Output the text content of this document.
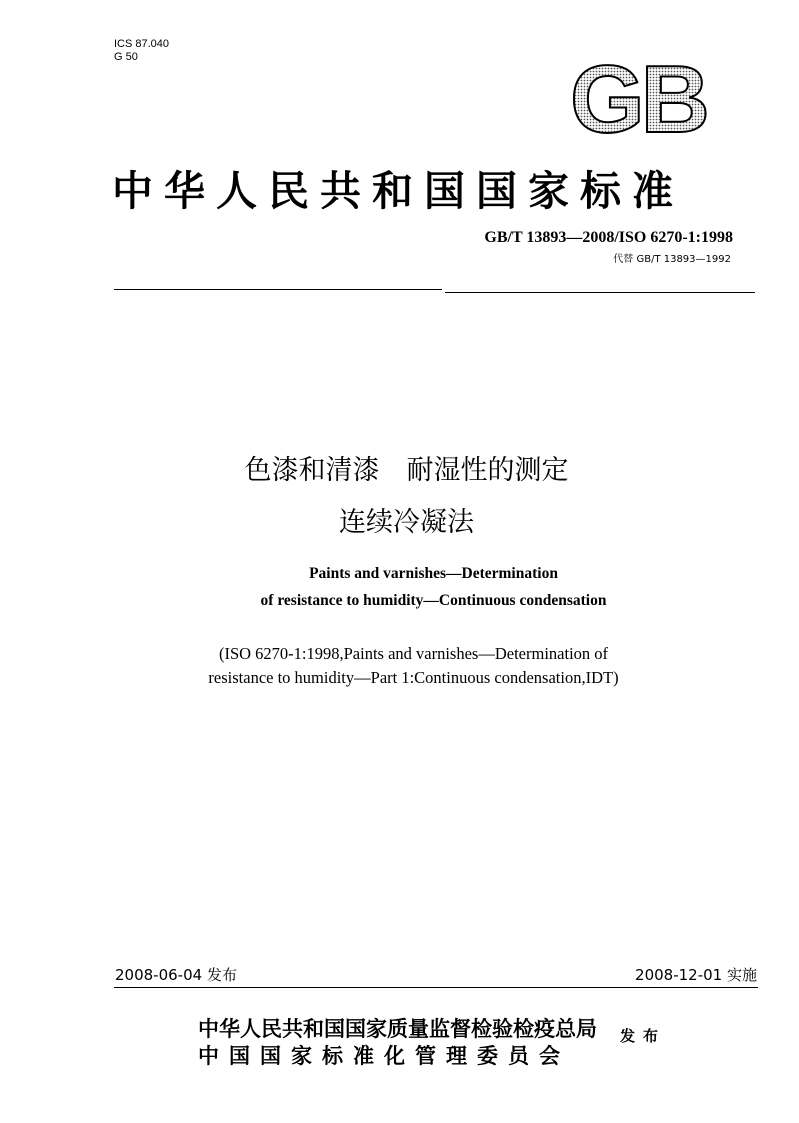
ICS 87.040
G 50	GB
中华人民共和国国家标准
GB/T 13893—2008/ISO 6270-1:1998
代替 GB/T 13893—1992
色漆和清漆　耐湿性的测定
连续冷凝法
Paints and varnishes—Determination
of resistance to humidity—Continuous condensation
(ISO 6270-1:1998,Paints and varnishes—Determination of
resistance to humidity—Part 1:Continuous condensation,IDT)
2008-06-04 发布	2008-12-01 实施
中华人民共和国国家质量监督检验检疫总局
中国国家标准化管理委员会
发布
